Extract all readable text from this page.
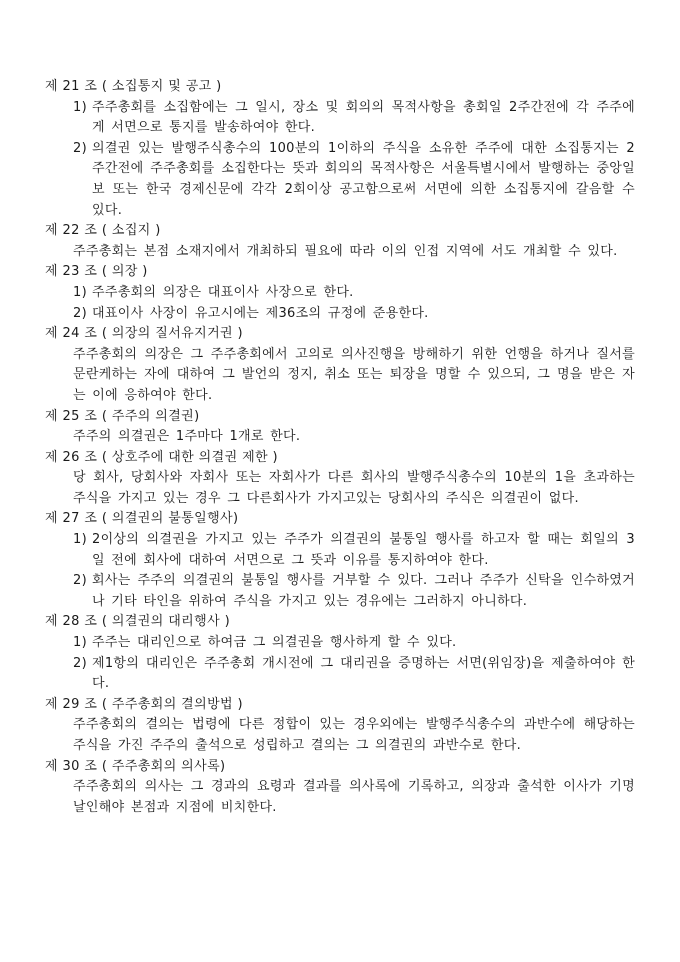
제 21 조 ( 소집통지 및 공고 )
1) 주주총회를 소집함에는 그 일시, 장소 및 회의의 목적사항을 총회일 2주간전에 각 주주에게 서면으로 통지를 발송하여야 한다.
2) 의결권 있는 발행주식총수의 100분의 1이하의 주식을 소유한 주주에 대한 소집통지는 2주간전에 주주총회를 소집한다는 뜻과 회의의 목적사항은 서울특별시에서 발행하는 중앙일보 또는 한국 경제신문에 각각 2회이상 공고함으로써 서면에 의한 소집통지에 갈음할 수 있다.
제 22 조 ( 소집지 )
주주총회는 본점 소재지에서 개최하되 필요에 따라 이의 인접 지역에 서도 개최할 수 있다.
제 23 조 ( 의장 )
1) 주주총회의 의장은 대표이사 사장으로 한다.
2) 대표이사 사장이 유고시에는 제36조의 규정에 준용한다.
제 24 조 ( 의장의 질서유지거권 )
주주총회의 의장은 그 주주총회에서 고의로 의사진행을 방해하기 위한 언행을 하거나 질서를 문란케하는 자에 대하여 그 발언의 정지, 취소 또는 퇴장을 명할 수 있으되, 그 명을 받은 자는 이에 응하여야 한다.
제 25 조 ( 주주의 의결권)
주주의 의결권은 1주마다 1개로 한다.
제 26 조 ( 상호주에 대한 의결권 제한 )
당 회사, 당회사와 자회사 또는 자회사가 다른 회사의 발행주식총수의 10분의 1을 초과하는 주식을 가지고 있는 경우 그 다른회사가 가지고있는 당회사의 주식은 의결권이 없다.
제 27 조 ( 의결권의 불통일행사)
1) 2이상의 의결권을 가지고 있는 주주가 의결권의 불통일 행사를 하고자 할 때는 회일의 3일 전에 회사에 대하여 서면으로 그 뜻과 이유를 통지하여야 한다.
2) 회사는 주주의 의결권의 불통일 행사를 거부할 수 있다. 그러나 주주가 신탁을 인수하였거나 기타 타인을 위하여 주식을 가지고 있는 경유에는 그러하지 아니하다.
제 28 조 ( 의결권의 대리행사 )
1) 주주는 대리인으로 하여금 그 의결권을 행사하게 할 수 있다.
2) 제1항의 대리인은 주주총회 개시전에 그 대리권을 증명하는 서면(위임장)을 제출하여야 한다.
제 29 조 ( 주주총회의 결의방법 )
주주총회의 결의는 법령에 다른 정합이 있는 경우외에는 발행주식총수의 과반수에 해당하는 주식을 가진 주주의 출석으로 성립하고 결의는 그 의결권의 과반수로 한다.
제 30 조 ( 주주총회의 의사록)
주주총회의 의사는 그 경과의 요령과 결과를 의사록에 기록하고, 의장과 출석한 이사가 기명날인해야 본점과 지점에 비치한다.
